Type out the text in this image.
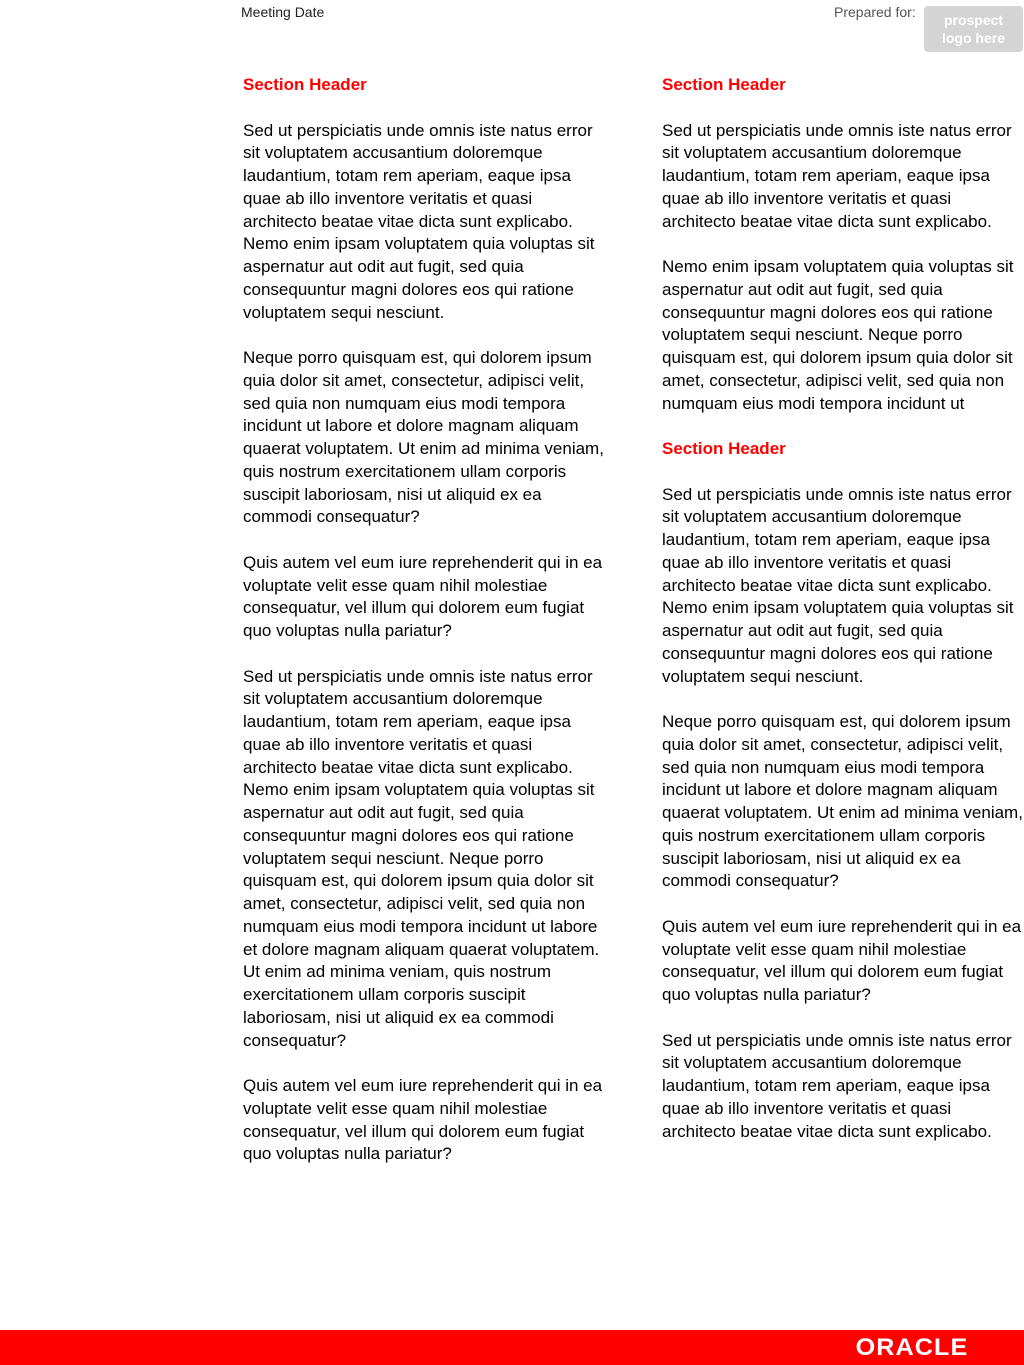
Meeting Date	Prepared for:	prospect
logo here
Section Header

Sed ut perspiciatis unde omnis iste natus error sit voluptatem accusantium doloremque laudantium, totam rem aperiam, eaque ipsa quae ab illo inventore veritatis et quasi architecto beatae vitae dicta sunt explicabo. Nemo enim ipsam voluptatem quia voluptas sit aspernatur aut odit aut fugit, sed quia consequuntur magni dolores eos qui ratione voluptatem sequi nesciunt.

Neque porro quisquam est, qui dolorem ipsum quia dolor sit amet, consectetur, adipisci velit, sed quia non numquam eius modi tempora incidunt ut labore et dolore magnam aliquam quaerat voluptatem. Ut enim ad minima veniam, quis nostrum exercitationem ullam corporis suscipit laboriosam, nisi ut aliquid ex ea commodi consequatur?

Quis autem vel eum iure reprehenderit qui in ea voluptate velit esse quam nihil molestiae consequatur, vel illum qui dolorem eum fugiat quo voluptas nulla pariatur?

Sed ut perspiciatis unde omnis iste natus error sit voluptatem accusantium doloremque laudantium, totam rem aperiam, eaque ipsa quae ab illo inventore veritatis et quasi architecto beatae vitae dicta sunt explicabo. Nemo enim ipsam voluptatem quia voluptas sit aspernatur aut odit aut fugit, sed quia consequuntur magni dolores eos qui ratione voluptatem sequi nesciunt. Neque porro quisquam est, qui dolorem ipsum quia dolor sit amet, consectetur, adipisci velit, sed quia non numquam eius modi tempora incidunt ut labore et dolore magnam aliquam quaerat voluptatem. Ut enim ad minima veniam, quis nostrum exercitationem ullam corporis suscipit laboriosam, nisi ut aliquid ex ea commodi consequatur?

Quis autem vel eum iure reprehenderit qui in ea voluptate velit esse quam nihil molestiae consequatur, vel illum qui dolorem eum fugiat quo voluptas nulla pariatur?

Section Header

Sed ut perspiciatis unde omnis iste natus error sit voluptatem accusantium doloremque laudantium, totam rem aperiam, eaque ipsa quae ab illo inventore veritatis et quasi architecto beatae vitae dicta sunt explicabo.

Nemo enim ipsam voluptatem quia voluptas sit aspernatur aut odit aut fugit, sed quia consequuntur magni dolores eos qui ratione voluptatem sequi nesciunt. Neque porro quisquam est, qui dolorem ipsum quia dolor sit amet, consectetur, adipisci velit, sed quia non numquam eius modi tempora incidunt ut

Section Header

Sed ut perspiciatis unde omnis iste natus error sit voluptatem accusantium doloremque laudantium, totam rem aperiam, eaque ipsa quae ab illo inventore veritatis et quasi architecto beatae vitae dicta sunt explicabo. Nemo enim ipsam voluptatem quia voluptas sit aspernatur aut odit aut fugit, sed quia consequuntur magni dolores eos qui ratione voluptatem sequi nesciunt.

Neque porro quisquam est, qui dolorem ipsum quia dolor sit amet, consectetur, adipisci velit, sed quia non numquam eius modi tempora incidunt ut labore et dolore magnam aliquam quaerat voluptatem. Ut enim ad minima veniam, quis nostrum exercitationem ullam corporis suscipit laboriosam, nisi ut aliquid ex ea commodi consequatur?

Quis autem vel eum iure reprehenderit qui in ea voluptate velit esse quam nihil molestiae consequatur, vel illum qui dolorem eum fugiat quo voluptas nulla pariatur?

Sed ut perspiciatis unde omnis iste natus error sit voluptatem accusantium doloremque laudantium, totam rem aperiam, eaque ipsa quae ab illo inventore veritatis et quasi architecto beatae vitae dicta sunt explicabo.

ORACLE
